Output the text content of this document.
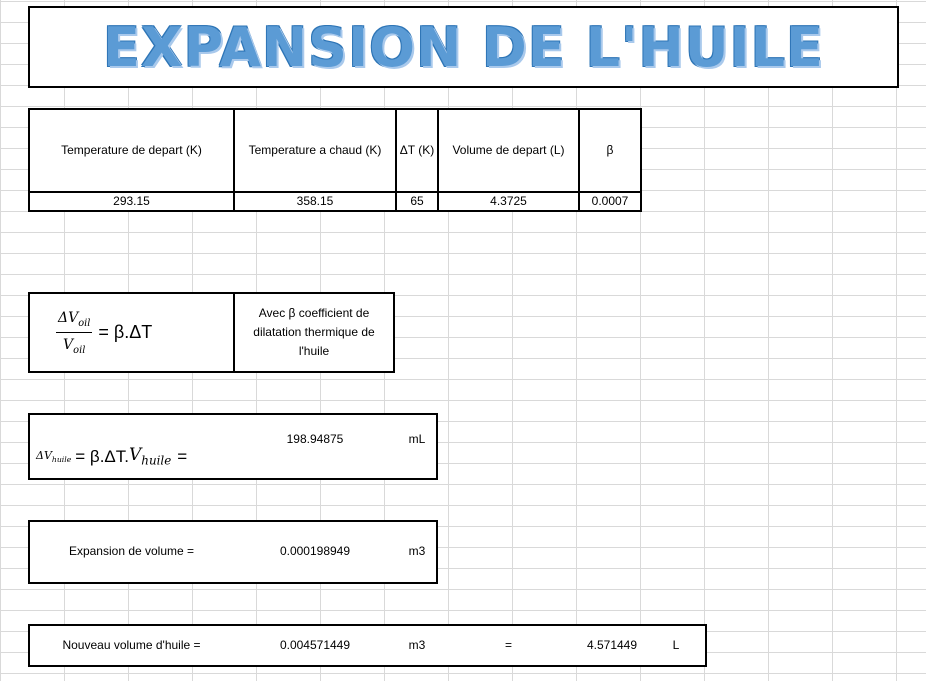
EXPANSION DE L'HUILE
Temperature de depart (K)	Temperature a chaud (K)	ΔT (K)	Volume de depart (L)	β
293.15	358.15	65	4.3725	0.0007
$\frac{\Delta V_{oil}}{V_{oil}} = \beta.\Delta T$
Avec β coefficient de dilatation thermique de l'huile
$\Delta V_{huile} = \beta.\Delta T$. $V_{huile}$ =
198.94875	mL
Expansion de volume =	0.000198949	m3
Nouveau volume d'huile =	0.004571449	m3	=	4.571449	L
